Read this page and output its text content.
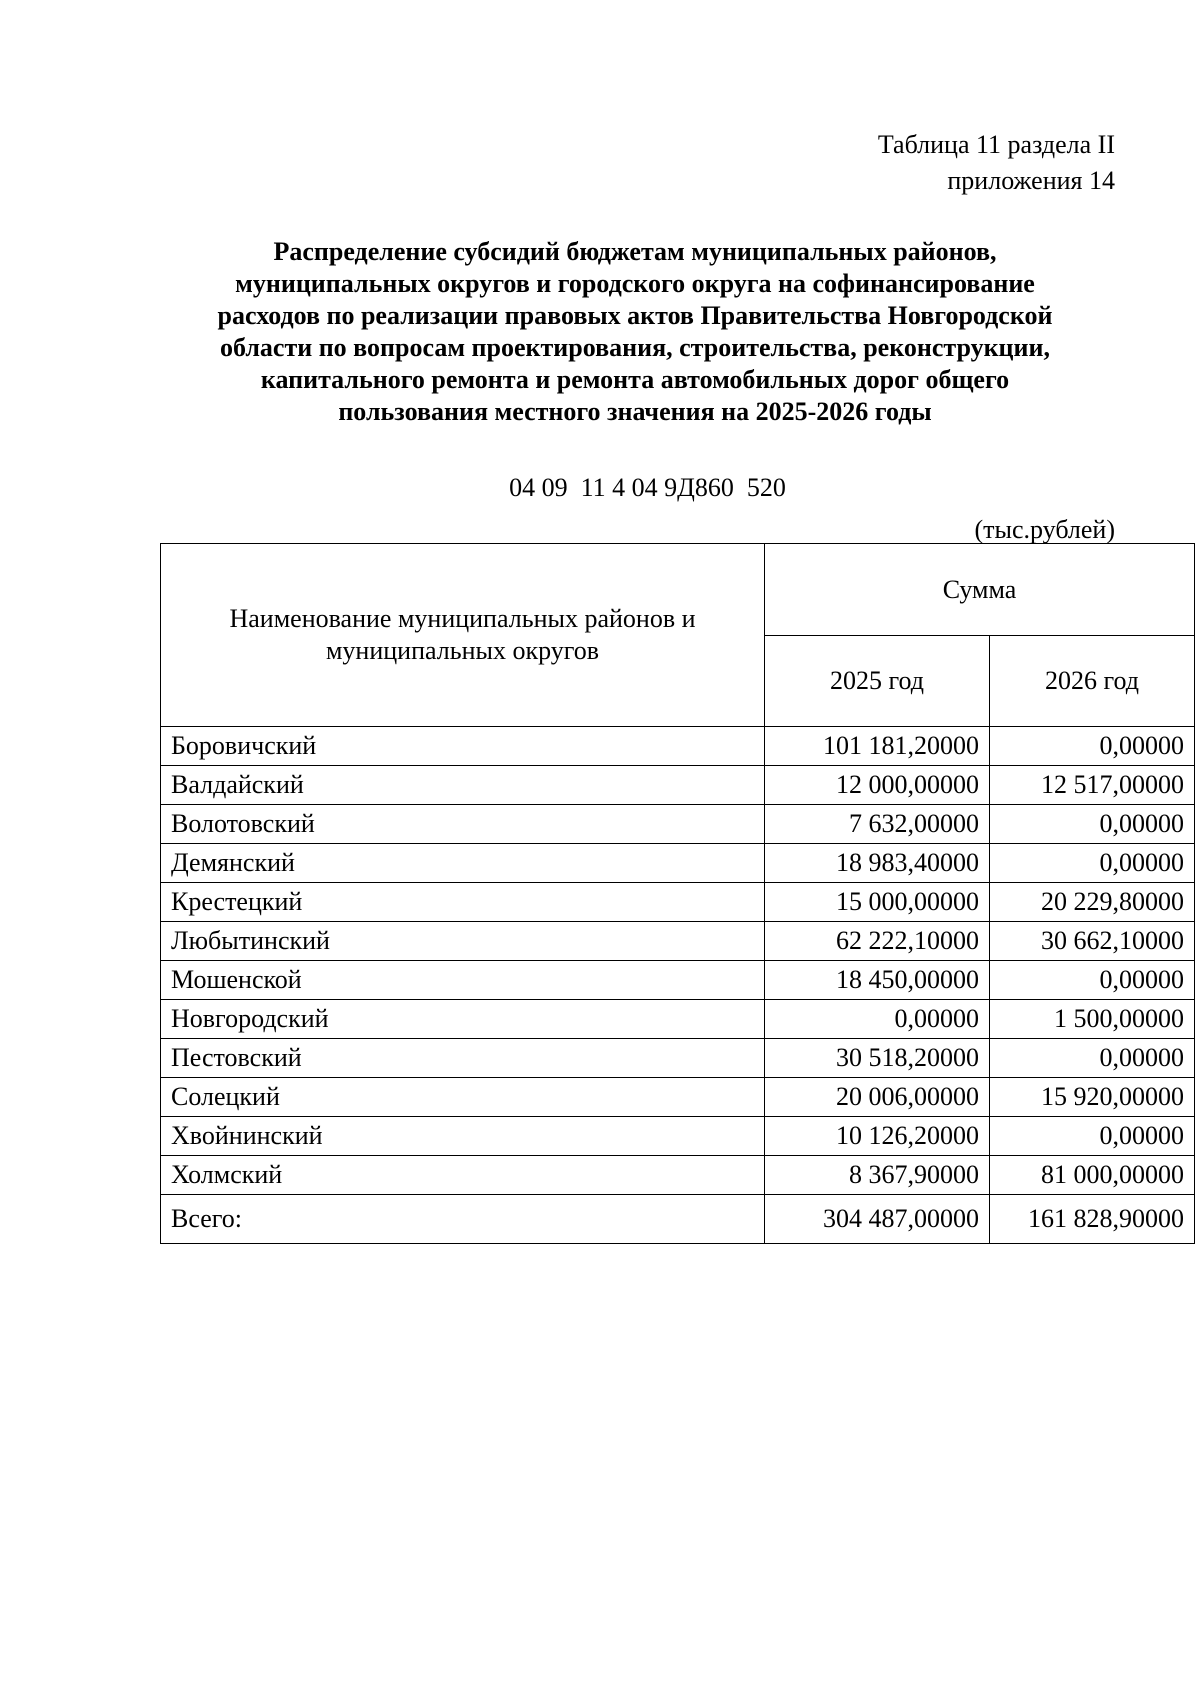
Таблица 11 раздела II
приложения 14
Распределение субсидий бюджетам муниципальных районов,
муниципальных округов и городского округа на софинансирование
расходов по реализации правовых актов Правительства Новгородской
области по вопросам проектирования, строительства, реконструкции,
капитального ремонта и ремонта автомобильных дорог общего
пользования местного значения на 2025-2026 годы
04 09  11 4 04 9Д860  520
(тыс.рублей)
Наименование муниципальных районов и муниципальных округов	Сумма	
	2025 год	2026 год
Боровичский	101 181,20000	0,00000
Валдайский	12 000,00000	12 517,00000
Волотовский	7 632,00000	0,00000
Демянский	18 983,40000	0,00000
Крестецкий	15 000,00000	20 229,80000
Любытинский	62 222,10000	30 662,10000
Мошенской	18 450,00000	0,00000
Новгородский	0,00000	1 500,00000
Пестовский	30 518,20000	0,00000
Солецкий	20 006,00000	15 920,00000
Хвойнинский	10 126,20000	0,00000
Холмский	8 367,90000	81 000,00000
Всего:	304 487,00000	161 828,90000
